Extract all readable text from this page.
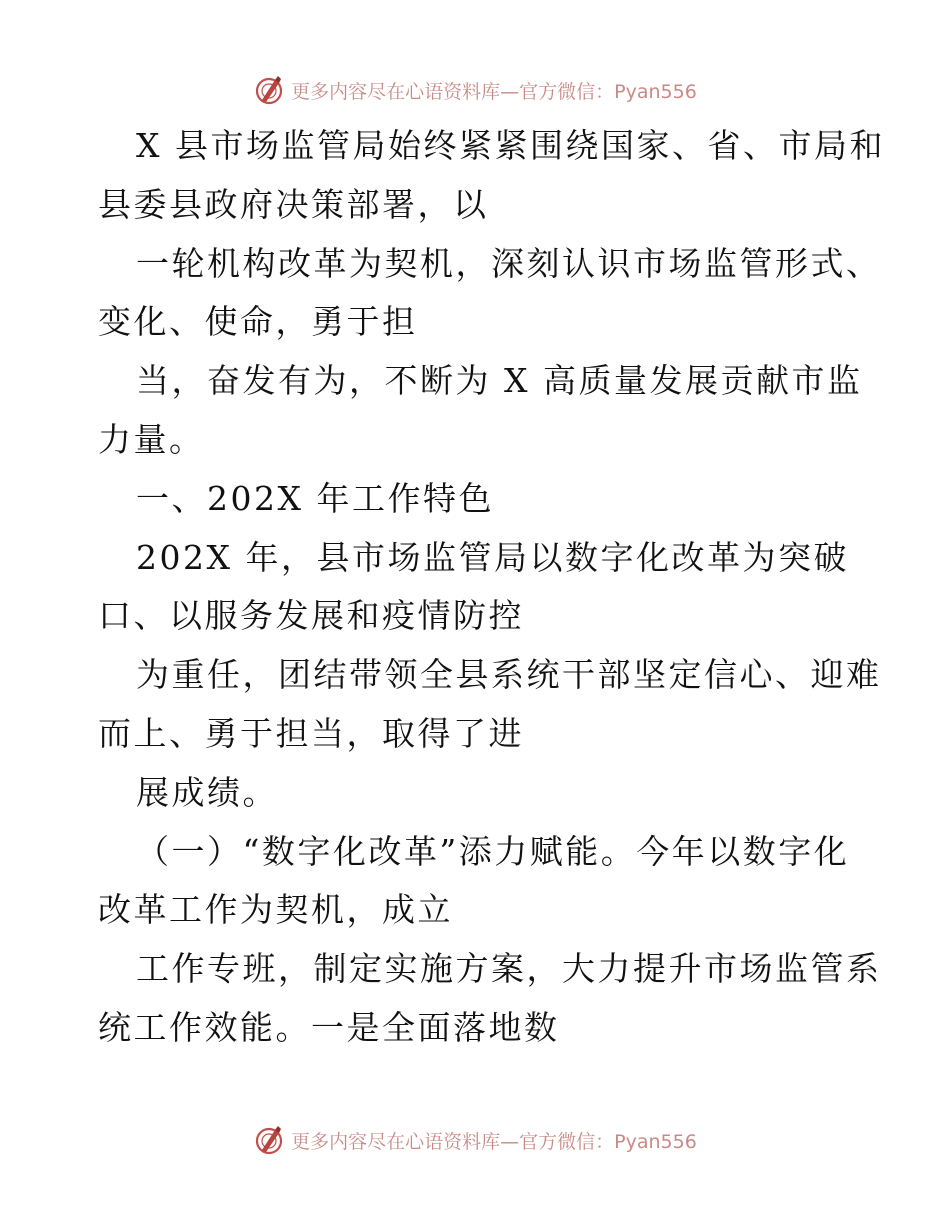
更多内容尽在心语资料库—官方微信：Pyan556
X 县市场监管局始终紧紧围绕国家、省、市局和
县委县政府决策部署，以
一轮机构改革为契机，深刻认识市场监管形式、
变化、使命，勇于担
当，奋发有为，不断为 X 高质量发展贡献市监
力量。
一、202X 年工作特色
202X 年，县市场监管局以数字化改革为突破
口、以服务发展和疫情防控
为重任，团结带领全县系统干部坚定信心、迎难
而上、勇于担当，取得了进
展成绩。
（一）“数字化改革”添力赋能。今年以数字化
改革工作为契机，成立
工作专班，制定实施方案，大力提升市场监管系
统工作效能。一是全面落地数
更多内容尽在心语资料库—官方微信：Pyan556
